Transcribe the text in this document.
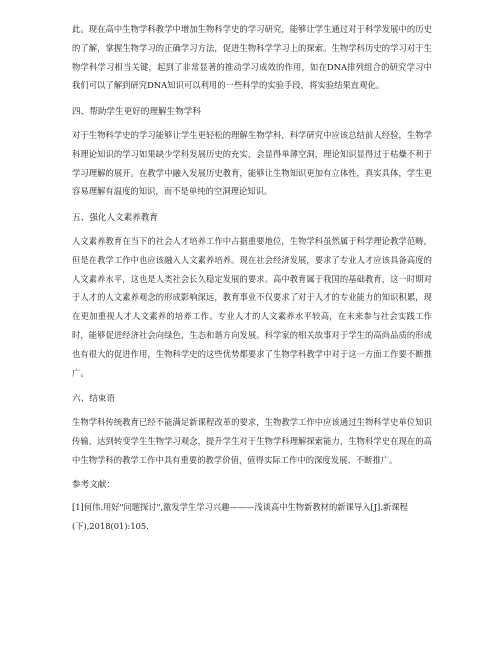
此。现在高中生物学科教学中增加生物科学史的学习研究，能够让学生通过对于科学发展中的历史的了解，掌握生物学习的正确学习方法，促进生物科学学习上的探索。生物学科历史的学习对于生物学科学习相当关键，起到了非常显著的推动学习成效的作用，如在DNA排列组合的研究学习中我们可以了解到研究DNA知识可以利用的一些科学的实验手段，将实验结果直观化。

四、帮助学生更好的理解生物学科

对于生物科学史的学习能够让学生更轻松的理解生物学科，科学研究中应该总结前人经验，生物学科理论知识的学习如果缺少学科发展历史的充实，会显得单薄空洞，理论知识显得过于枯燥不利于学习理解的展开。在教学中融入发展历史教育，能够让生物知识更加有立体性，真实具体，学生更容易理解有温度的知识，而不是单纯的空洞理论知识。

五、强化人文素养教育

人文素养教育在当下的社会人才培养工作中占据重要地位，生物学科虽然属于科学理论教学范畴，但是在教学工作中也应该融入人文素养培养。现在社会经济发展，要求了专业人才应该具备高度的人文素养水平，这也是人类社会长久稳定发展的要求。高中教育属于我国的基础教育，这一时期对于人才的人文素养观念的形成影响深远，教育事业不仅要求了对于人才的专业能力的知识积累，现在更加重视人才人文素养的培养工作。专业人才的人文素养水平较高，在未来参与社会实践工作时，能够促进经济社会向绿色，生态和谐方向发展。科学家的相关故事对于学生的高尚品质的形成也有很大的促进作用，生物科学史的这些优势都要求了生物学科教学中对于这一方面工作要不断推广。

六、结束语

生物学科传统教育已经不能满足新课程改革的要求，生物教学工作中应该通过生物科学史单位知识传输，达到转变学生生物学习观念，提升学生对于生物学科理解探索能力，生物科学史在现在的高中生物学科的教学工作中具有重要的教学价值，值得实际工作中的深度发展、不断推广。

参考文献：

[1]何伟.用好"问题探讨",激发学生学习兴趣———浅谈高中生物新教材的新课导入[J].新课程(下),2018(01):105.
